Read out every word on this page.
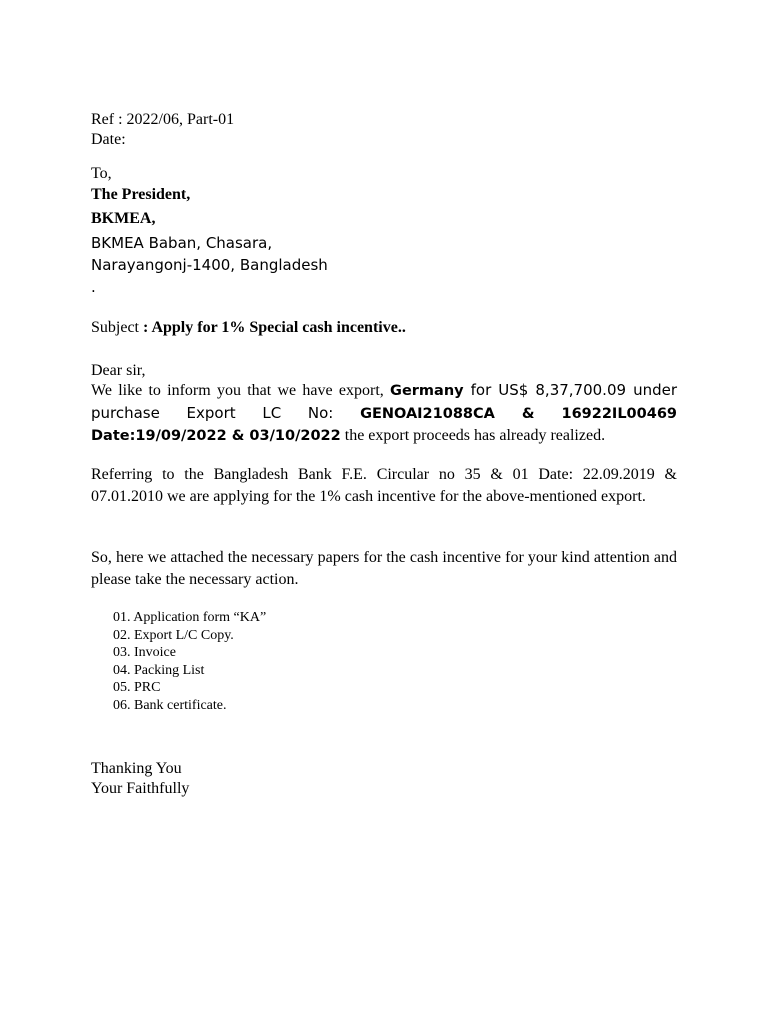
Ref : 2022/06, Part-01
Date:
To,
The President,
BKMEA,
BKMEA Baban, Chasara,
Narayangonj-1400, Bangladesh
.
Subject : Apply for 1% Special cash incentive..
Dear sir,
We like to inform you that we have export, Germany for US$ 8,37,700.09 under purchase Export LC No: GENOAI21088CA & 16922IL00469 Date:19/09/2022 & 03/10/2022 the export proceeds has already realized.
Referring to the Bangladesh Bank F.E. Circular no 35 & 01 Date: 22.09.2019 & 07.01.2010 we are applying for the 1% cash incentive for the above-mentioned export.
So, here we attached the necessary papers for the cash incentive for your kind attention and please take the necessary action.
01. Application form “KA”
02. Export L/C Copy.
03. Invoice
04. Packing List
05. PRC
06. Bank certificate.
Thanking You
Your Faithfully
